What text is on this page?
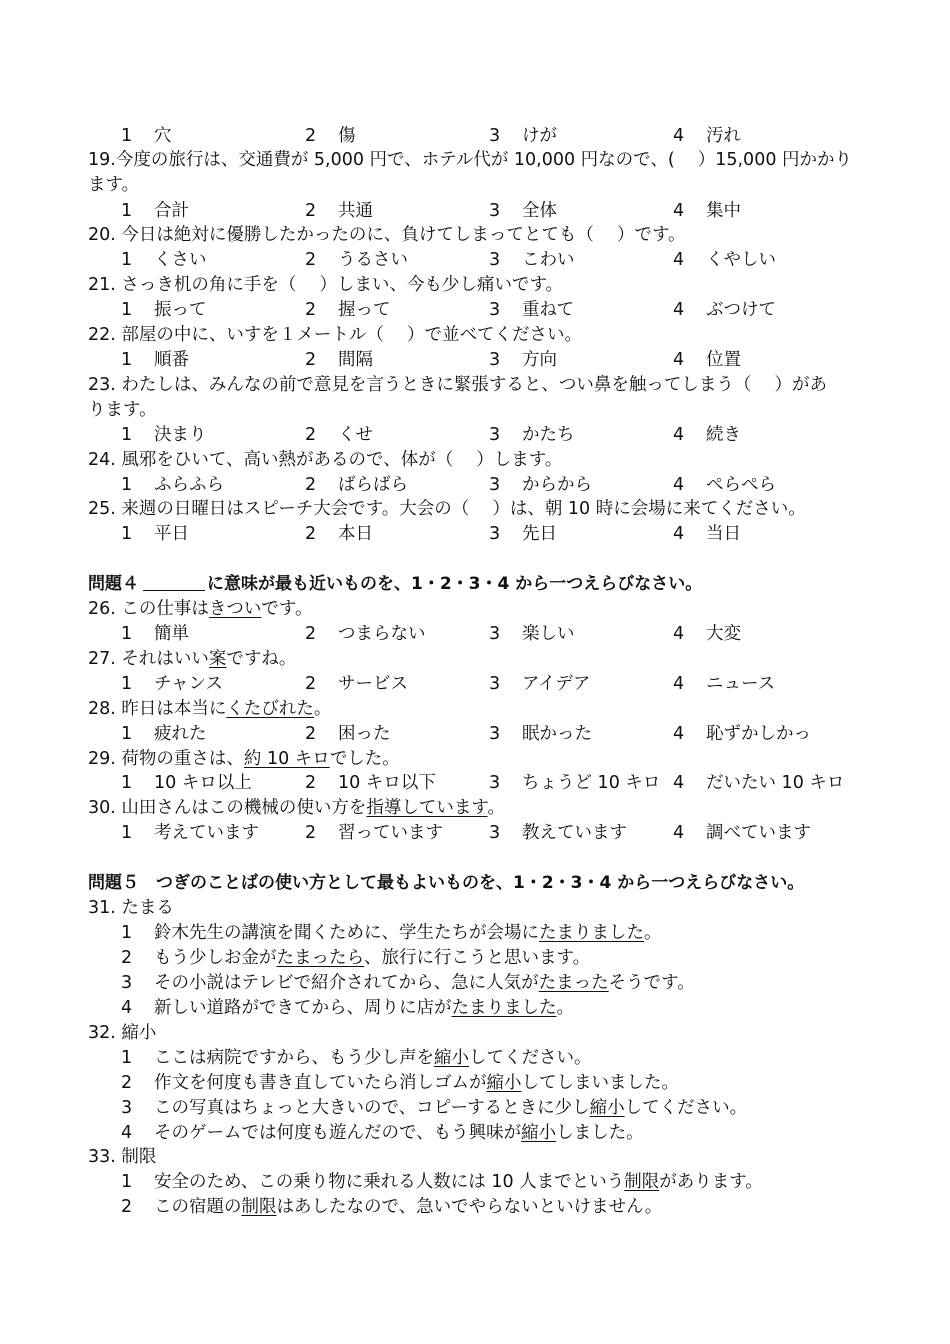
1 穴	2 傷	3 けが	4 汚れ
19.今度の旅行は、交通費が 5,000 円で、ホテル代が 10,000 円なので、(　 ）15,000 円かかり
ます。
1 合計	2 共通	3 全体	4 集中
20. 今日は絶対に優勝したかったのに、負けてしまってとても（　 ）です。
1 くさい	2 うるさい	3 こわい	4 くやしい
21. さっき机の角に手を（　 ）しまい、今も少し痛いです。
1 振って	2 握って	3 重ねて	4 ぶつけて
22. 部屋の中に、いすを１メートル（　 ）で並べてください。
1 順番	2 間隔	3 方向	4 位置
23. わたしは、みんなの前で意見を言うときに緊張すると、つい鼻を触ってしまう（　 ）があ
ります。
1 決まり	2 くせ	3 かたち	4 続き
24. 風邪をひいて、高い熱があるので、体が（　 ）します。
1 ふらふら	2 ばらばら	3 からから	4 ぺらぺら
25. 来週の日曜日はスピーチ大会です。大会の（　 ）は、朝 10 時に会場に来てください。
1 平日	2 本日	3 先日	4 当日
問題４	に意味が最も近いものを、1・2・3・4 から一つえらびなさい。
26. この仕事はきついです。
1 簡単	2 つまらない	3 楽しい	4 大変
27. それはいい案ですね。
1 チャンス	2 サービス	3 アイデア	4 ニュース
28. 昨日は本当にくたびれた。
1 疲れた	2 困った	3 眠かった	4 恥ずかしかっ
29. 荷物の重さは、約 10 キロでした。
1 10 キロ以上	2 10 キロ以下	3 ちょうど 10 キロ 4 だいたい 10 キロ
30. 山田さんはこの機械の使い方を指導しています。
1 考えています	2 習っています	3 教えています	4 調べています
問題５　つぎのことばの使い方として最もよいものを、1・2・3・4 から一つえらびなさい。
31. たまる
1 鈴木先生の講演を聞くために、学生たちが会場にたまりました。
2 もう少しお金がたまったら、旅行に行こうと思います。
3 その小説はテレビで紹介されてから、急に人気がたまったそうです。
4 新しい道路ができてから、周りに店がたまりました。
32. 縮小
1 ここは病院ですから、もう少し声を縮小してください。
2 作文を何度も書き直していたら消しゴムが縮小してしまいました。
3 この写真はちょっと大きいので、コピーするときに少し縮小してください。
4 そのゲームでは何度も遊んだので、もう興味が縮小しました。
33. 制限
1 安全のため、この乗り物に乗れる人数には 10 人までという制限があります。
2 この宿題の制限はあしたなので、急いでやらないといけません。
